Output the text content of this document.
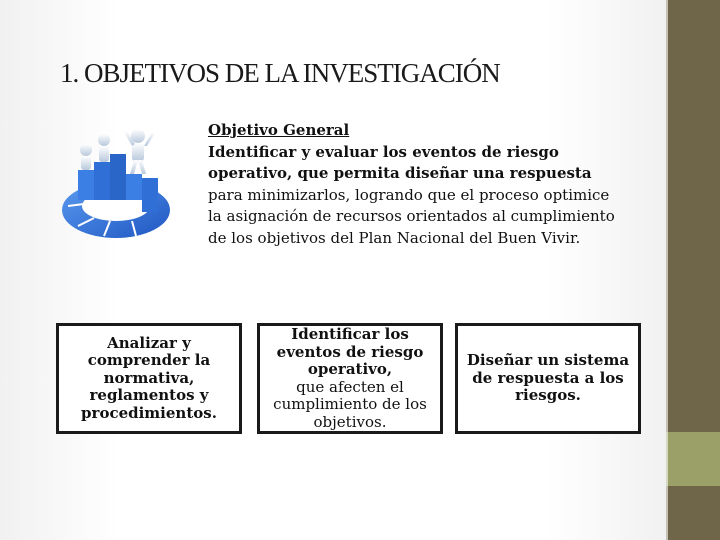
1. OBJETIVOS DE LA INVESTIGACIÓN
Objetivo General

Identificar y evaluar los eventos de riesgo operativo, que permita diseñar una respuesta para minimizarlos, logrando que el proceso optimice la asignación de recursos orientados al cumplimiento de los objetivos del Plan Nacional del Buen Vivir.

Analizar y comprender la normativa, reglamentos y procedimientos.
Identificar los eventos de riesgo operativo,
que afecten el cumplimiento de los objetivos.
Diseñar un sistema de respuesta a los riesgos.
